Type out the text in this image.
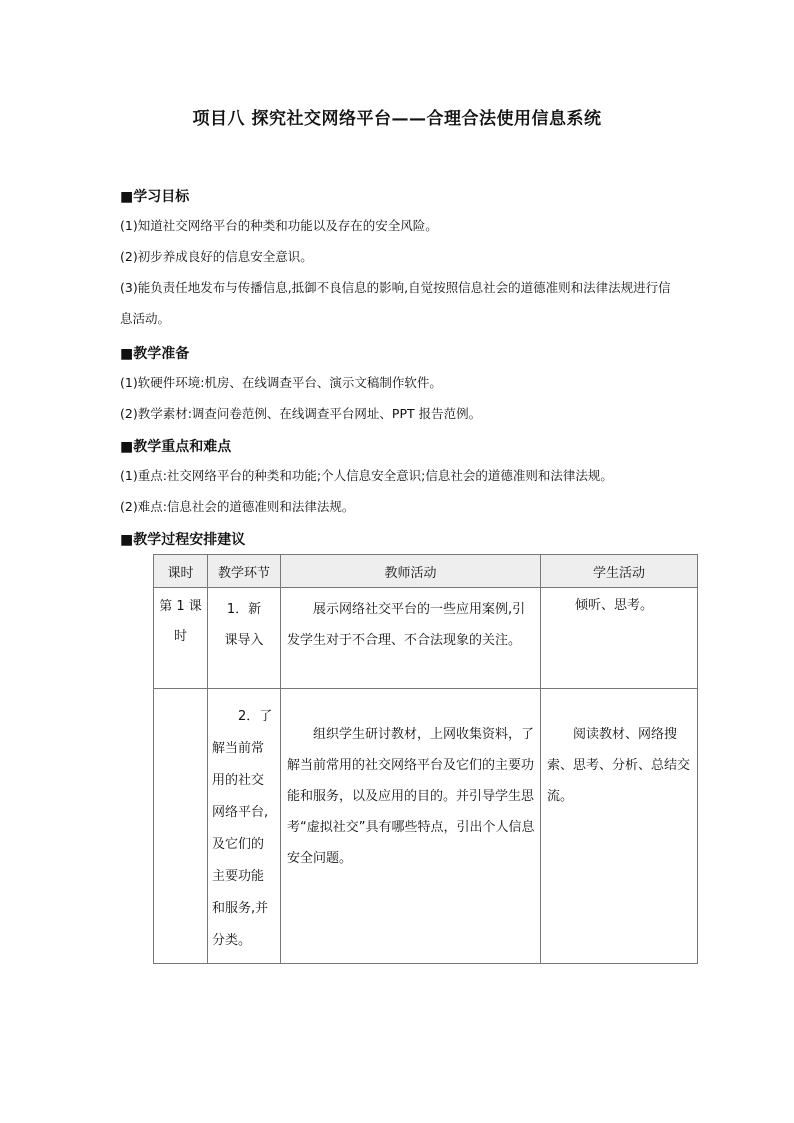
项目八 探究社交网络平台——合理合法使用信息系统
■学习目标
(1)知道社交网络平台的种类和功能以及存在的安全风险。
(2)初步养成良好的信息安全意识。
(3)能负责任地发布与传播信息,抵御不良信息的影响,自觉按照信息社会的道德准则和法律法规进行信息活动。
■教学准备
(1)软硬件环境:机房、在线调查平台、演示文稿制作软件。
(2)教学素材:调查问卷范例、在线调查平台网址、PPT 报告范例。
■教学重点和难点
(1)重点:社交网络平台的种类和功能;个人信息安全意识;信息社会的道德准则和法律法规。
(2)难点:信息社会的道德准则和法律法规。
■教学过程安排建议
课时	教学环节	教师活动	学生活动

第 1 课时	1．新课导入	展示网络社交平台的一些应用案例,引发学生对于不合理、不合法现象的关注。	倾听、思考。

	2．了解当前常用的社交网络平台,及它们的主要功能和服务,并分类。	组织学生研讨教材，上网收集资料，了解当前常用的社交网络平台及它们的主要功能和服务，以及应用的目的。并引导学生思考“虚拟社交”具有哪些特点，引出个人信息安全问题。	阅读教材、网络搜索、思考、分析、总结交流。
